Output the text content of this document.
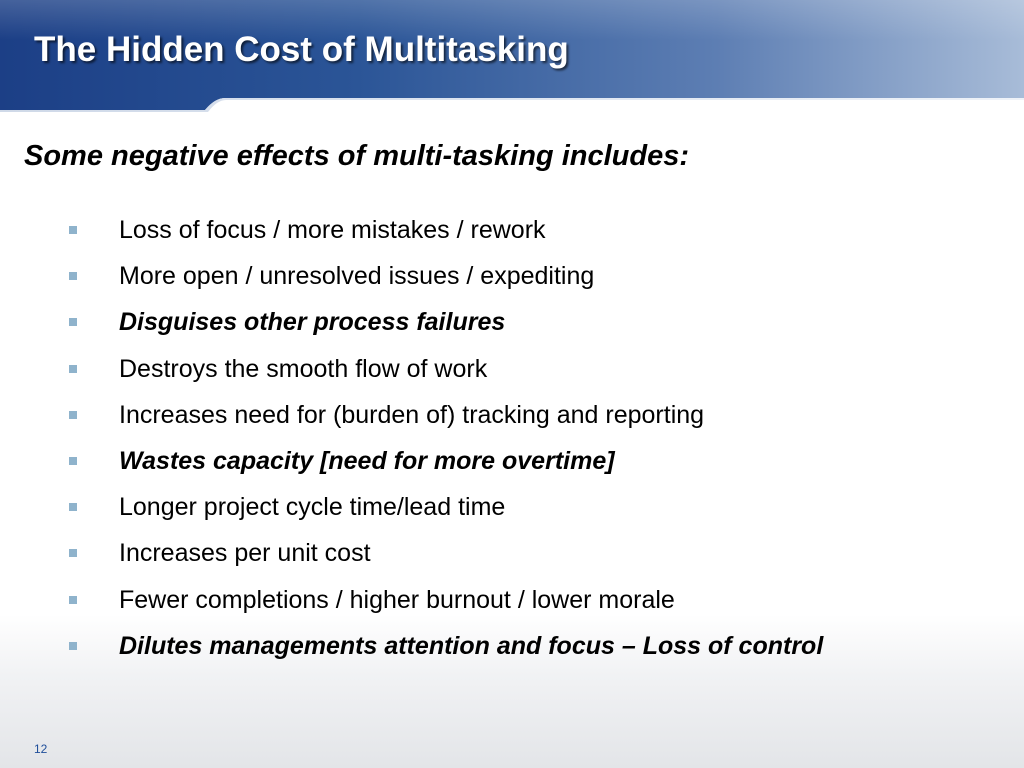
The Hidden Cost of Multitasking
Some negative effects of multi-tasking includes:
Loss of focus / more mistakes / rework
More open / unresolved issues / expediting
Disguises other process failures
Destroys the smooth flow of work
Increases need for (burden of) tracking and reporting
Wastes capacity [need for more overtime]
Longer project cycle time/lead time
Increases per unit cost
Fewer completions / higher burnout / lower morale
Dilutes managements attention and focus – Loss of control
12
